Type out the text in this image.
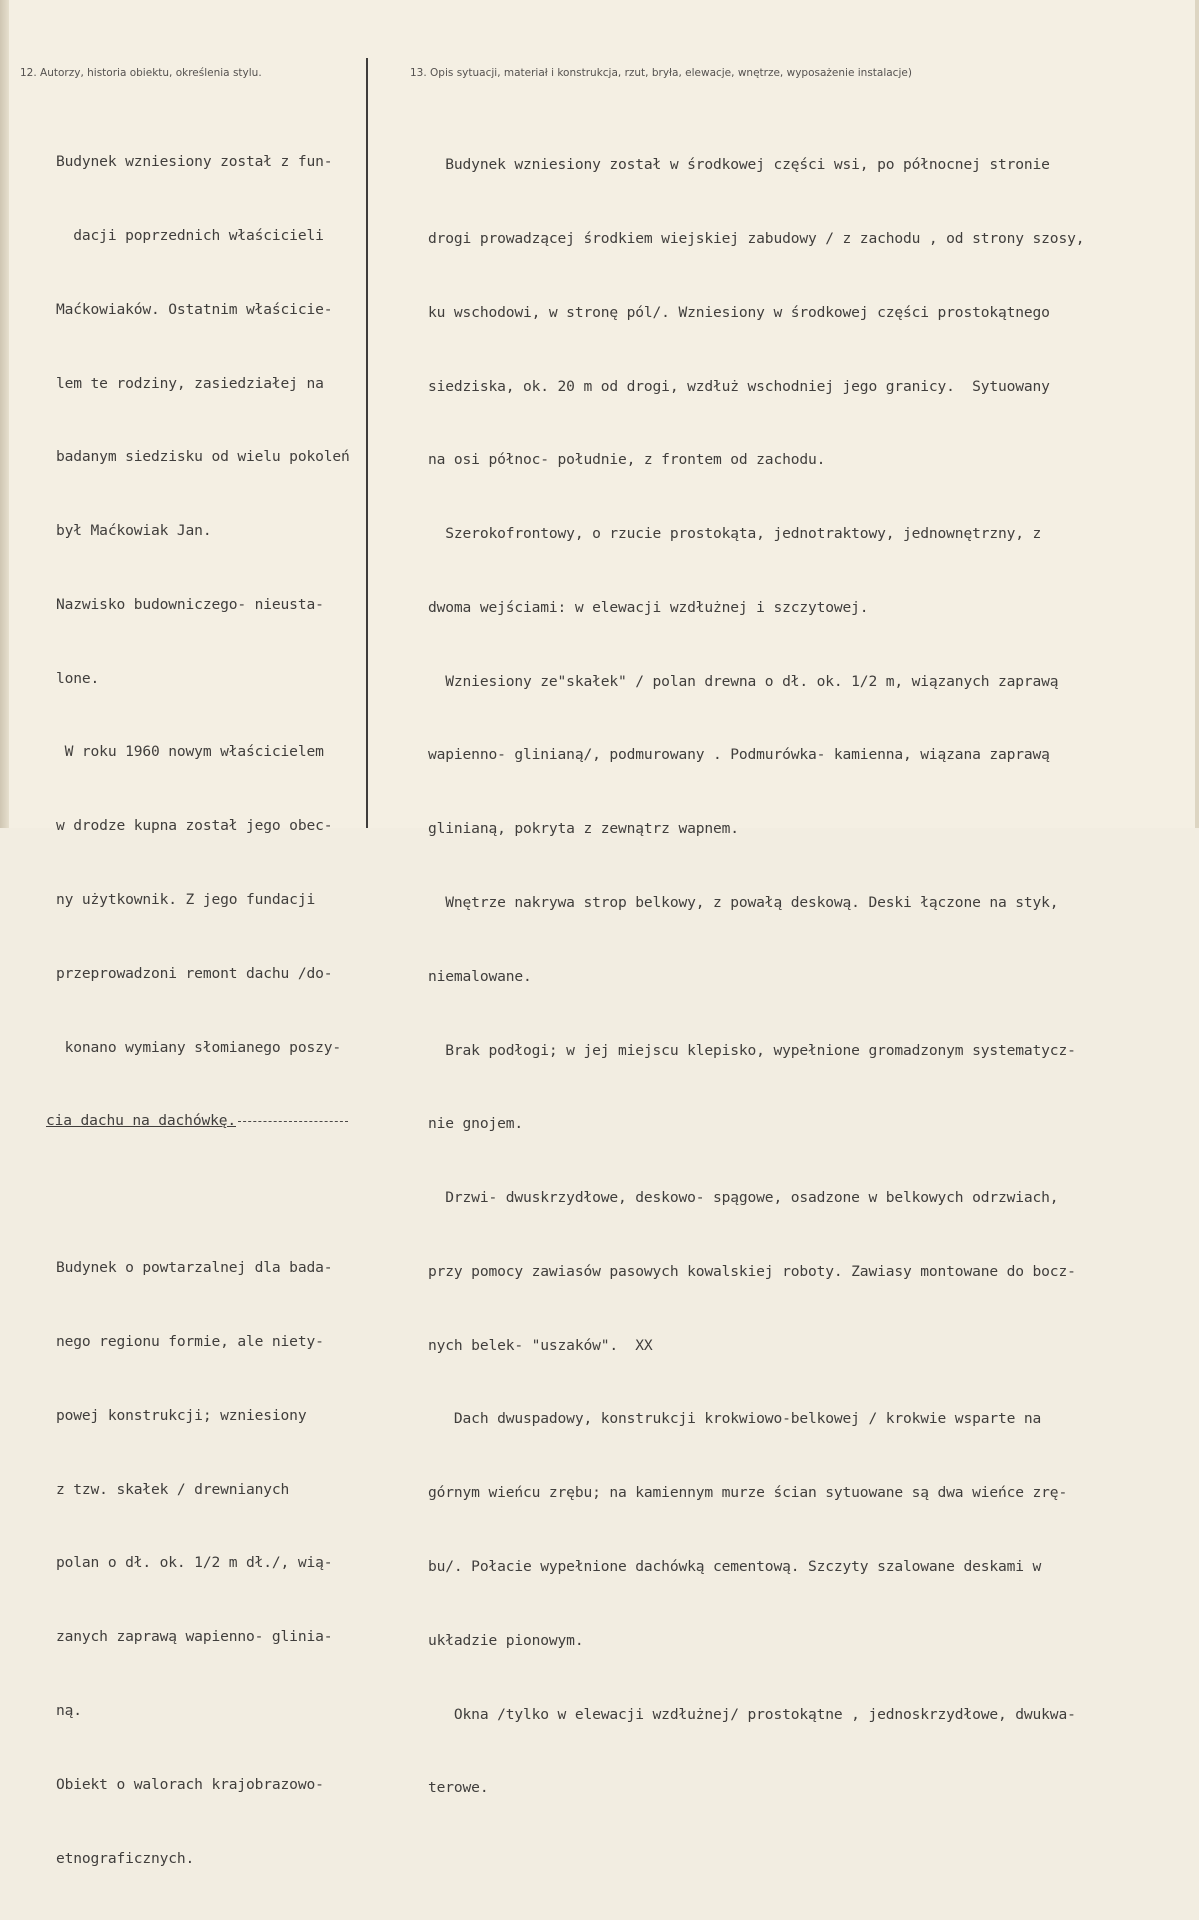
12. Autorzy, historia obiektu, określenia stylu.	13. Opis sytuacji, materiał i konstrukcja, rzut, bryła, elewacje, wnętrze, wyposażenie instalacje)

Budynek wzniesiony został z fun-

dacji poprzednich właścicieli

Maćkowiaków. Ostatnim właścicie-

lem te rodziny, zasiedziałej na

badanym siedzisku od wielu pokoleń

był Maćkowiak Jan.

Nazwisko budowniczego- nieusta-

lone.

W roku 1960 nowym właścicielem

w drodze kupna został jego obec-

ny użytkownik. Z jego fundacji

przeprowadzoni remont dachu /do-

konano wymiany słomianego poszy-

cia dachu na dachówkę.

Budynek o powtarzalnej dla bada-

nego regionu formie, ale niety-

powej konstrukcji; wzniesiony

z tzw. skałek / drewnianych

polan o dł. ok. 1/2 m dł./, wią-

zanych zaprawą wapienno- glinia-

ną.

Obiekt o walorach krajobrazowo-

etnograficznych.

Budynek wzniesiony został w środkowej części wsi, po północnej stronie

drogi prowadzącej środkiem wiejskiej zabudowy / z zachodu , od strony szosy,

ku wschodowi, w stronę pól/. Wzniesiony w środkowej części prostokątnego

siedziska, ok. 20 m od drogi, wzdłuż wschodniej jego granicy.  Sytuowany

na osi północ- południe, z frontem od zachodu.

Szerokofrontowy, o rzucie prostokąta, jednotraktowy, jednownętrzny, z

dwoma wejściami: w elewacji wzdłużnej i szczytowej.

Wzniesiony ze"skałek" / polan drewna o dł. ok. 1/2 m, wiązanych zaprawą

wapienno- glinianą/, podmurowany . Podmurówka- kamienna, wiązana zaprawą

glinianą, pokryta z zewnątrz wapnem.

Wnętrze nakrywa strop belkowy, z powałą deskową. Deski łączone na styk,

niemalowane.

Brak podłogi; w jej miejscu klepisko, wypełnione gromadzonym systematycz-

nie gnojem.

Drzwi- dwuskrzydłowe, deskowo- spągowe, osadzone w belkowych odrzwiach,

przy pomocy zawiasów pasowych kowalskiej roboty. Zawiasy montowane do bocz-

nych belek- "uszaków".  XX

Dach dwuspadowy, konstrukcji krokwiowo-belkowej / krokwie wsparte na

górnym wieńcu zrębu; na kamiennym murze ścian sytuowane są dwa wieńce zrę-

bu/. Połacie wypełnione dachówką cementową. Szczyty szalowane deskami w

układzie pionowym.

Okna /tylko w elewacji wzdłużnej/ prostokątne , jednoskrzydłowe, dwukwa-

terowe.
